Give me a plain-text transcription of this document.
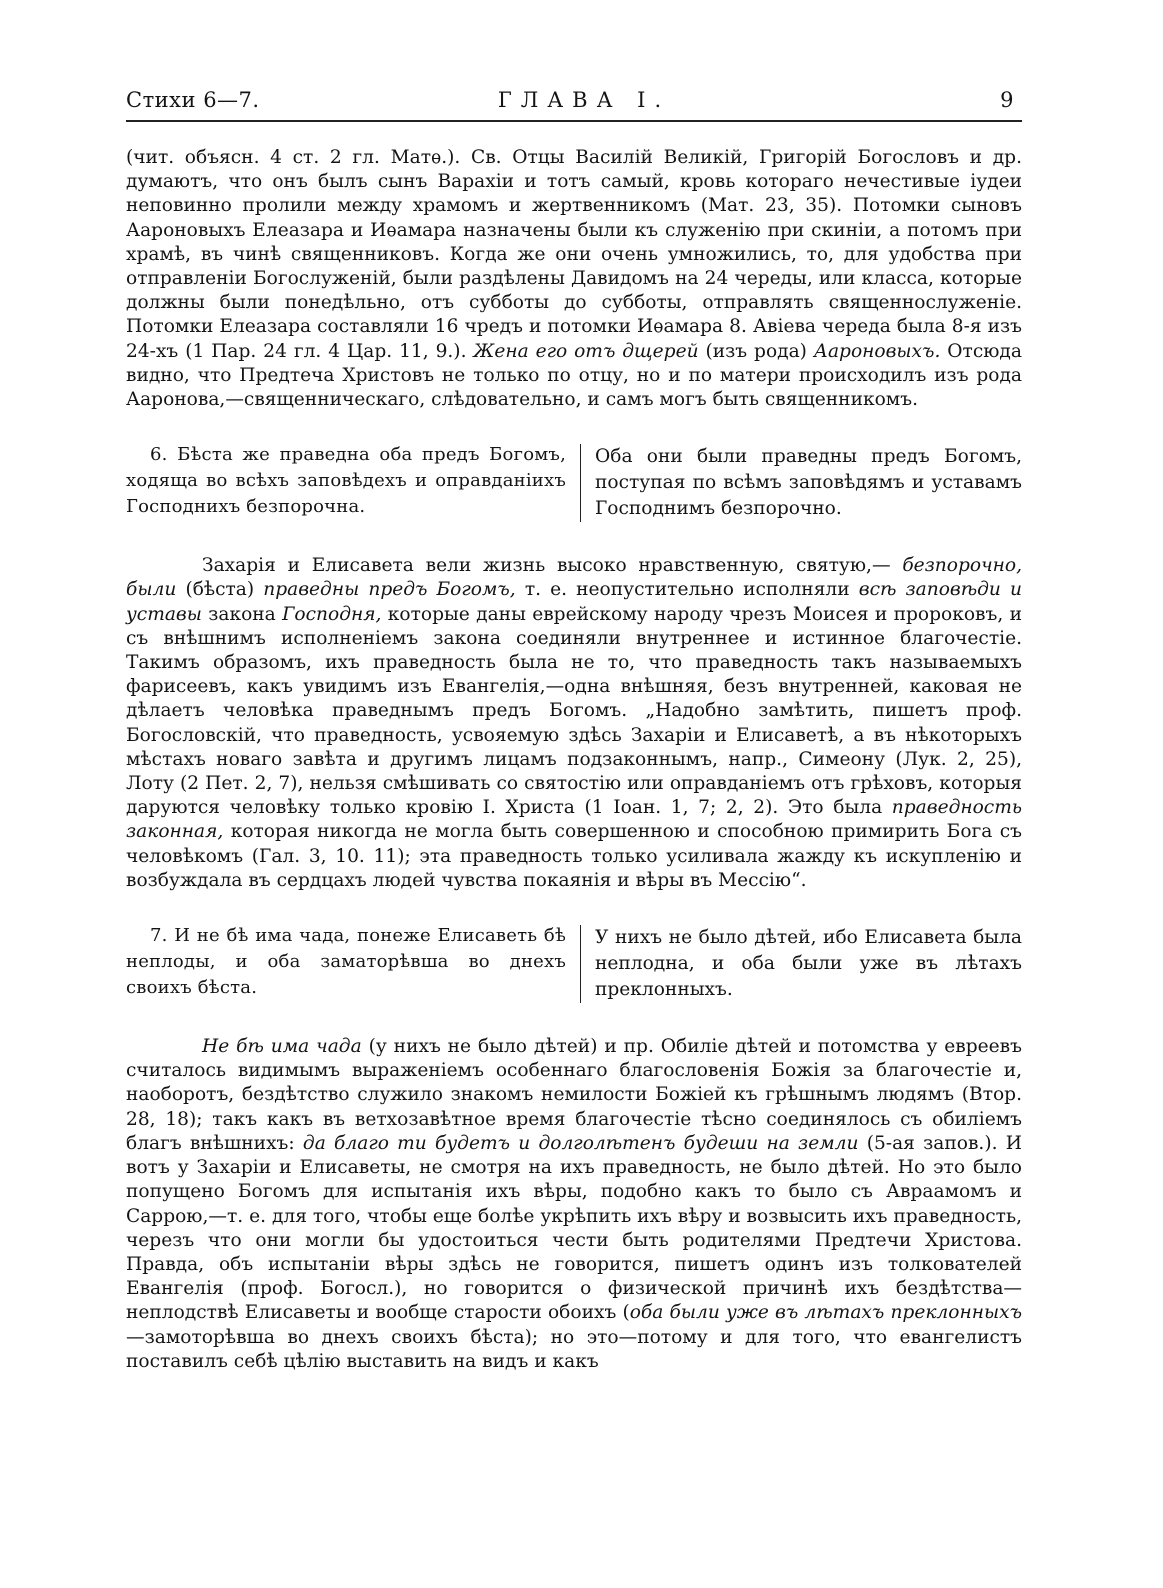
Стихи 6—7.	ГЛАВА I.	9

(чит. объясн. 4 ст. 2 гл. Матѳ.). Св. Отцы Василій Великій, Григорій Богословъ и др. думаютъ, что онъ былъ сынъ Варахіи и тотъ самый, кровь котораго нечестивые іудеи неповинно пролили между храмомъ и жертвенникомъ (Мат. 23, 35). Потомки сыновъ Аароновыхъ Елеазара и Иѳамара назначены были къ служенію при скиніи, а потомъ при храмѣ, въ чинѣ священниковъ. Когда же они очень умножились, то, для удобства при отправленіи Богослуженій, были раздѣлены Давидомъ на 24 череды, или класса, которые должны были понедѣльно, отъ субботы до субботы, отправлять священнослуженіе. Потомки Елеазара составляли 16 чредъ и потомки Иѳамара 8. Авіева череда была 8-я изъ 24-хъ (1 Пар. 24 гл. 4 Цар. 11, 9.). Жена его отъ дщерей (изъ рода) Аароновыхъ. Отсюда видно, что Предтеча Христовъ не только по отцу, но и по матери происходилъ изъ рода Ааронова,—священническаго, слѣдовательно, и самъ могъ быть священникомъ.

6. Бѣста же праведна оба предъ Богомъ, ходяща во всѣхъ заповѣдехъ и оправданіихъ Господнихъ безпорочна.
Оба они были праведны предъ Богомъ, поступая по всѣмъ заповѣдямъ и уставамъ Господнимъ безпорочно.

Захарія и Елисавета вели жизнь высоко нравственную, святую,— безпорочно, были (бѣста) праведны предъ Богомъ, т. е. неопустительно исполняли всѣ заповѣди и уставы закона Господня, которые даны еврейскому народу чрезъ Моисея и пророковъ, и съ внѣшнимъ исполненіемъ закона соединяли внутреннее и истинное благочестіе. Такимъ образомъ, ихъ праведность была не то, что праведность такъ называемыхъ фарисеевъ, какъ увидимъ изъ Евангелія,—одна внѣшняя, безъ внутренней, каковая не дѣлаетъ человѣка праведнымъ предъ Богомъ. „Надобно замѣтить, пишетъ проф. Богословскій, что праведность, усвояемую здѣсь Захаріи и Елисаветѣ, а въ нѣкоторыхъ мѣстахъ новаго завѣта и другимъ лицамъ подзаконнымъ, напр., Симеону (Лук. 2, 25), Лоту (2 Пет. 2, 7), нельзя смѣшивать со святостію или оправданіемъ отъ грѣховъ, которыя даруются человѣку только кровію І. Христа (1 Іоан. 1, 7; 2, 2). Это была праведность законная, которая никогда не могла быть совершенною и способною примирить Бога съ человѣкомъ (Гал. 3, 10. 11); эта праведность только усиливала жажду къ искупленію и возбуждала въ сердцахъ людей чувства покаянія и вѣры въ Мессію“.

7. И не бѣ има чада, понеже Елисаветь бѣ неплоды, и оба заматорѣвша во днехъ своихъ бѣста.
У нихъ не было дѣтей, ибо Елисавета была неплодна, и оба были уже въ лѣтахъ преклонныхъ.

Не бѣ има чада (у нихъ не было дѣтей) и пр. Обиліе дѣтей и потомства у евреевъ считалось видимымъ выраженіемъ особеннаго благословенія Божія за благочестіе и, наоборотъ, бездѣтство служило знакомъ немилости Божіей къ грѣшнымъ людямъ (Втор. 28, 18); такъ какъ въ ветхозавѣтное время благочестіе тѣсно соединялось съ обиліемъ благъ внѣшнихъ: да благо ти будетъ и долголѣтенъ будеши на земли (5-ая запов.). И вотъ у Захаріи и Елисаветы, не смотря на ихъ праведность, не было дѣтей. Но это было попущено Богомъ для испытанія ихъ вѣры, подобно какъ то было съ Авраамомъ и Саррою,—т. е. для того, чтобы еще болѣе укрѣпить ихъ вѣру и возвысить ихъ праведность, черезъ что они могли бы удостоиться чести быть родителями Предтечи Христова. Правда, объ испытаніи вѣры здѣсь не говорится, пишетъ одинъ изъ толкователей Евангелія (проф. Богосл.), но говорится о физической причинѣ ихъ бездѣтства—неплодствѣ Елисаветы и вообще старости обоихъ (оба были уже въ лѣтахъ преклонныхъ—замоторѣвша во днехъ своихъ бѣста); но это—потому и для того, что евангелистъ поставилъ себѣ цѣлію выставить на видъ и какъ
